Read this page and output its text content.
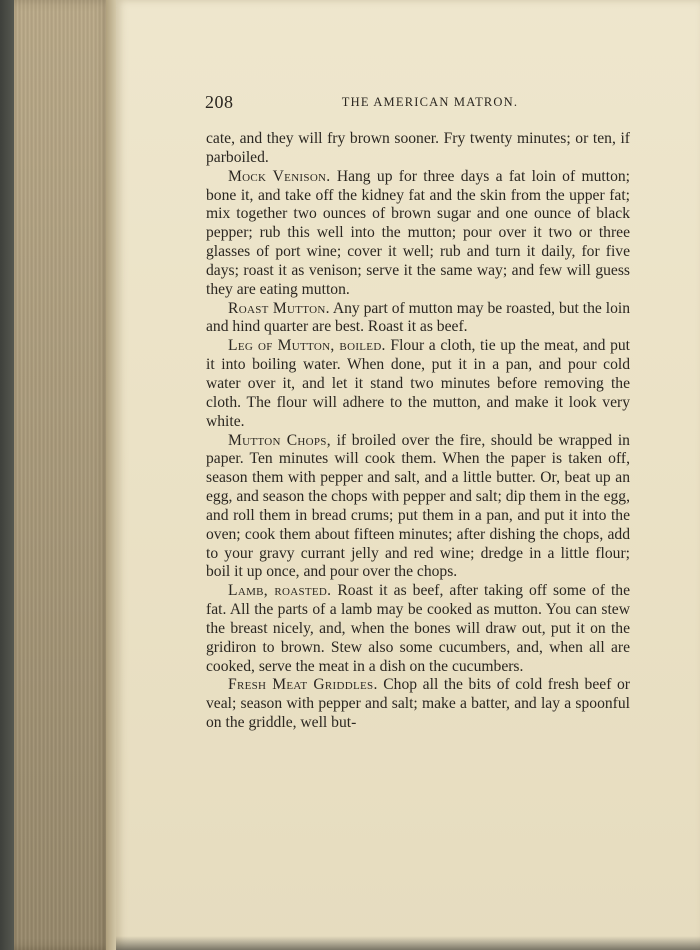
208	THE AMERICAN MATRON.

cate, and they will fry brown sooner. Fry twenty minutes; or ten, if parboiled.

Mock Venison. Hang up for three days a fat loin of mutton; bone it, and take off the kidney fat and the skin from the upper fat; mix together two ounces of brown sugar and one ounce of black pepper; rub this well into the mutton; pour over it two or three glasses of port wine; cover it well; rub and turn it daily, for five days; roast it as venison; serve it the same way; and few will guess they are eating mutton.

Roast Mutton. Any part of mutton may be roasted, but the loin and hind quarter are best. Roast it as beef.

Leg of Mutton, boiled. Flour a cloth, tie up the meat, and put it into boiling water. When done, put it in a pan, and pour cold water over it, and let it stand two minutes before removing the cloth. The flour will adhere to the mutton, and make it look very white.

Mutton Chops, if broiled over the fire, should be wrapped in paper. Ten minutes will cook them. When the paper is taken off, season them with pepper and salt, and a little butter. Or, beat up an egg, and season the chops with pepper and salt; dip them in the egg, and roll them in bread crums; put them in a pan, and put it into the oven; cook them about fifteen minutes; after dishing the chops, add to your gravy currant jelly and red wine; dredge in a little flour; boil it up once, and pour over the chops.

Lamb, roasted. Roast it as beef, after taking off some of the fat. All the parts of a lamb may be cooked as mutton. You can stew the breast nicely, and, when the bones will draw out, put it on the gridiron to brown. Stew also some cucumbers, and, when all are cooked, serve the meat in a dish on the cucumbers.

Fresh Meat Griddles. Chop all the bits of cold fresh beef or veal; season with pepper and salt; make a batter, and lay a spoonful on the griddle, well but-
